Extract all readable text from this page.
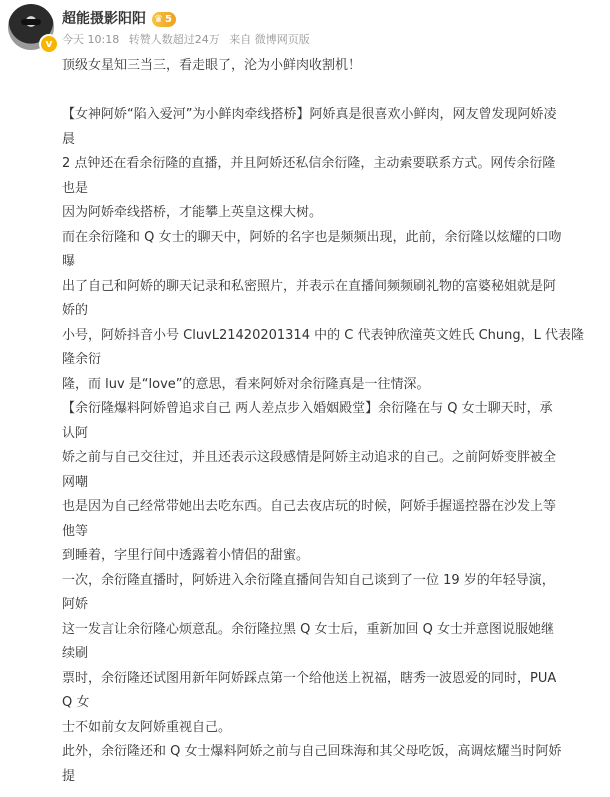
v
超能摄影阳阳 ♛ 5
今天 10:18 转赞人数超过24万 来自 微博网页版
顶级女星知三当三，看走眼了，沦为小鲜肉收割机！
【女神阿娇“陷入爱河”为小鲜肉牵线搭桥】阿娇真是很喜欢小鲜肉，网友曾发现阿娇凌
晨
2 点钟还在看余衍隆的直播，并且阿娇还私信余衍隆，主动索要联系方式。网传余衍隆
也是
因为阿娇牵线搭桥，才能攀上英皇这棵大树。
而在余衍隆和 Q 女士的聊天中，阿娇的名字也是频频出现，此前，余衍隆以炫耀的口吻
曝
出了自己和阿娇的聊天记录和私密照片，并表示在直播间频频刷礼物的富婆秘姐就是阿
娇的
小号，阿娇抖音小号 CluvL21420201314 中的 C 代表钟欣潼英文姓氏 Chung，L 代表隆
隆余衍
隆，而 luv 是“love”的意思，看来阿娇对余衍隆真是一往情深。
【余衍隆爆料阿娇曾追求自己 两人差点步入婚姻殿堂】余衍隆在与 Q 女士聊天时，承
认阿
娇之前与自己交往过，并且还表示这段感情是阿娇主动追求的自己。之前阿娇变胖被全
网嘲
也是因为自己经常带她出去吃东西。自己去夜店玩的时候，阿娇手握遥控器在沙发上等
他等
到睡着，字里行间中透露着小情侣的甜蜜。
一次，余衍隆直播时，阿娇进入余衍隆直播间告知自己谈到了一位 19 岁的年轻导演，
阿娇
这一发言让余衍隆心烦意乱。余衍隆拉黑 Q 女士后，重新加回 Q 女士并意图说服她继
续刷
票时，余衍隆还试图用新年阿娇踩点第一个给他送上祝福，瞎秀一波恩爱的同时，PUA
Q 女
士不如前女友阿娇重视自己。
此外，余衍隆还和 Q 女士爆料阿娇之前与自己回珠海和其父母吃饭，高调炫耀当时阿娇
提
